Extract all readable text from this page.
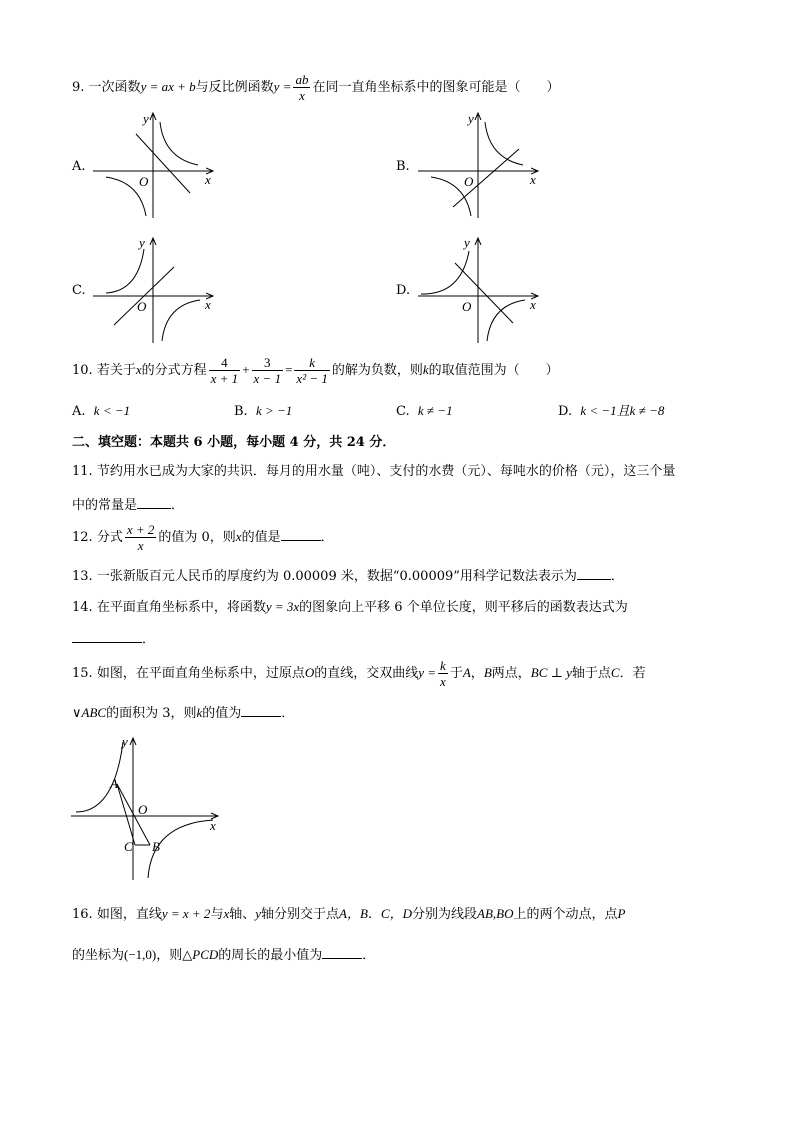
9. 一次函数y = ax + b与反比例函数$y = \frac{ab}{x}$ 在同一直角坐标系中的图象可能是（　　）
A.
y
x
O
B.
y
x
O
C.
y
x
O
D.
y
x
O
10. 若关于x的分式方程 $\frac{4}{x + 1} + \frac{3}{x - 1} = \frac{k}{\text{x² − 1}}$ 的解为负数，则k的取值范围为（　　）
A. k < −1	B. k > −1	C. k ≠ −1	D. k < −1且k ≠ −8
二、填空题：本题共 6 小题，每小题 4 分，共 24 分．
11. 节约用水已成为大家的共识．每月的用水量（吨）、支付的水费（元）、每吨水的价格（元），这三个量
中的常量是	．
12. 分式 $\frac{x + 2}{x}$ 的值为 0，则x的值是	．
13. 一张新版百元人民币的厚度约为 0.00009 米，数据“0.00009”用科学记数法表示为	．
14. 在平面直角坐标系中，将函数y = 3x的图象向上平移 6 个单位长度，则平移后的函数表达式为
．
15. 如图，在平面直角坐标系中，过原点O的直线，交双曲线$y = \frac{k}{x}$ 于A，B两点，BC ⊥ y轴于点C．若
∨ABC的面积为 3，则k的值为	．
y
x
O
A
B
C
16. 如图，直线y = x + 2与x轴、y轴分别交于点A，B．C，D分别为线段AB,BO上的两个动点，点P
的坐标为(−1,0)，则△PCD的周长的最小值为	．
